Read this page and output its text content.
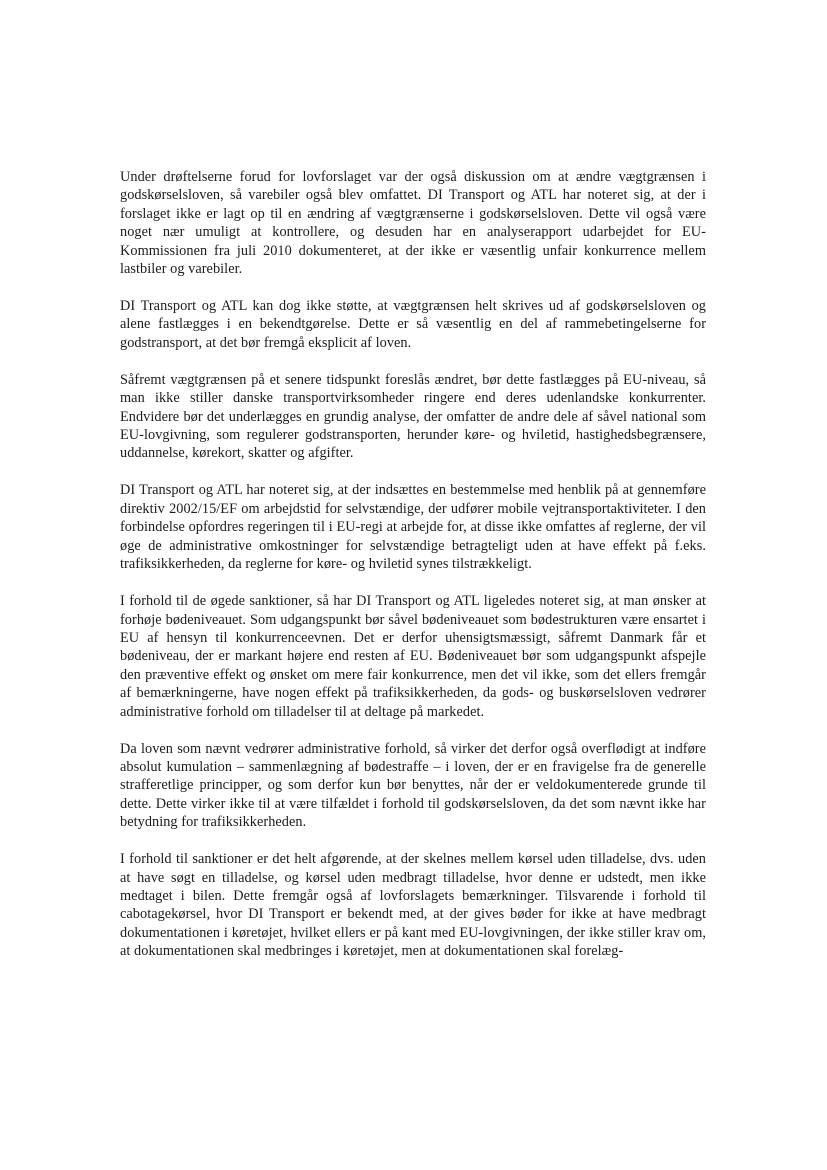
Under drøftelserne forud for lovforslaget var der også diskussion om at ændre vægtgrænsen i godskørselsloven, så varebiler også blev omfattet. DI Transport og ATL har noteret sig, at der i forslaget ikke er lagt op til en ændring af vægtgrænserne i godskørselsloven. Dette vil også være noget nær umuligt at kontrollere, og desuden har en analyserapport udarbejdet for EU-Kommissionen fra juli 2010 dokumenteret, at der ikke er væsentlig unfair konkurrence mellem lastbiler og varebiler.

DI Transport og ATL kan dog ikke støtte, at vægtgrænsen helt skrives ud af godskørselsloven og alene fastlægges i en bekendtgørelse. Dette er så væsentlig en del af rammebetingelserne for godstransport, at det bør fremgå eksplicit af loven.

Såfremt vægtgrænsen på et senere tidspunkt foreslås ændret, bør dette fastlægges på EU-niveau, så man ikke stiller danske transportvirksomheder ringere end deres udenlandske konkurrenter. Endvidere bør det underlægges en grundig analyse, der omfatter de andre dele af såvel national som EU-lovgivning, som regulerer godstransporten, herunder køre- og hviletid, hastighedsbegrænsere, uddannelse, kørekort, skatter og afgifter.

DI Transport og ATL har noteret sig, at der indsættes en bestemmelse med henblik på at gennemføre direktiv 2002/15/EF om arbejdstid for selvstændige, der udfører mobile vejtransportaktiviteter. I den forbindelse opfordres regeringen til i EU-regi at arbejde for, at disse ikke omfattes af reglerne, der vil øge de administrative omkostninger for selvstændige betragteligt uden at have effekt på f.eks. trafiksikkerheden, da reglerne for køre- og hviletid synes tilstrækkeligt.

I forhold til de øgede sanktioner, så har DI Transport og ATL ligeledes noteret sig, at man ønsker at forhøje bødeniveauet. Som udgangspunkt bør såvel bødeniveauet som bødestrukturen være ensartet i EU af hensyn til konkurrenceevnen. Det er derfor uhensigtsmæssigt, såfremt Danmark får et bødeniveau, der er markant højere end resten af EU. Bødeniveauet bør som udgangspunkt afspejle den præventive effekt og ønsket om mere fair konkurrence, men det vil ikke, som det ellers fremgår af bemærkningerne, have nogen effekt på trafiksikkerheden, da gods- og buskørselsloven vedrører administrative forhold om tilladelser til at deltage på markedet.

Da loven som nævnt vedrører administrative forhold, så virker det derfor også overflødigt at indføre absolut kumulation – sammenlægning af bødestraffe – i loven, der er en fravigelse fra de generelle strafferetlige principper, og som derfor kun bør benyttes, når der er veldokumenterede grunde til dette. Dette virker ikke til at være tilfældet i forhold til godskørselsloven, da det som nævnt ikke har betydning for trafiksikkerheden.

I forhold til sanktioner er det helt afgørende, at der skelnes mellem kørsel uden tilladelse, dvs. uden at have søgt en tilladelse, og kørsel uden medbragt tilladelse, hvor denne er udstedt, men ikke medtaget i bilen. Dette fremgår også af lovforslagets bemærkninger. Tilsvarende i forhold til cabotagekørsel, hvor DI Transport er bekendt med, at der gives bøder for ikke at have medbragt dokumentationen i køretøjet, hvilket ellers er på kant med EU-lovgivningen, der ikke stiller krav om, at dokumentationen skal medbringes i køretøjet, men at dokumentationen skal forelæg-
